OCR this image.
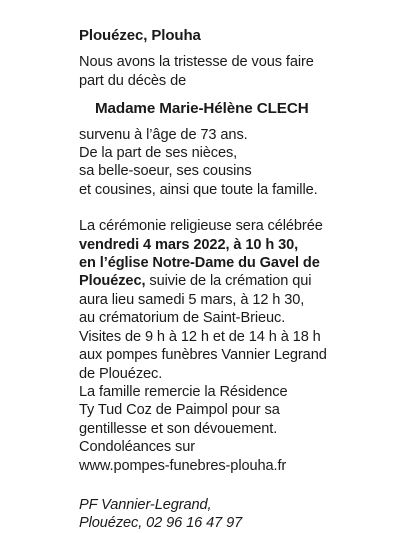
Plouézec, Plouha
Nous avons la tristesse de vous faire
part du décès de
Madame Marie-Hélène CLECH
survenu à l’âge de 73 ans.
De la part de ses nièces,
sa belle-soeur, ses cousins
et cousines, ainsi que toute la famille.
La cérémonie religieuse sera célébrée
vendredi 4 mars 2022, à 10 h 30,
en l’église Notre-Dame du Gavel de
Plouézec, suivie de la crémation qui
aura lieu samedi 5 mars, à 12 h 30,
au crématorium de Saint-Brieuc.
Visites de 9 h à 12 h et de 14 h à 18 h
aux pompes funèbres Vannier Legrand
de Plouézec.
La famille remercie la Résidence
Ty Tud Coz de Paimpol pour sa
gentillesse et son dévouement.
Condoléances sur
www.pompes-funebres-plouha.fr
PF Vannier-Legrand,
Plouézec, 02 96 16 47 97
